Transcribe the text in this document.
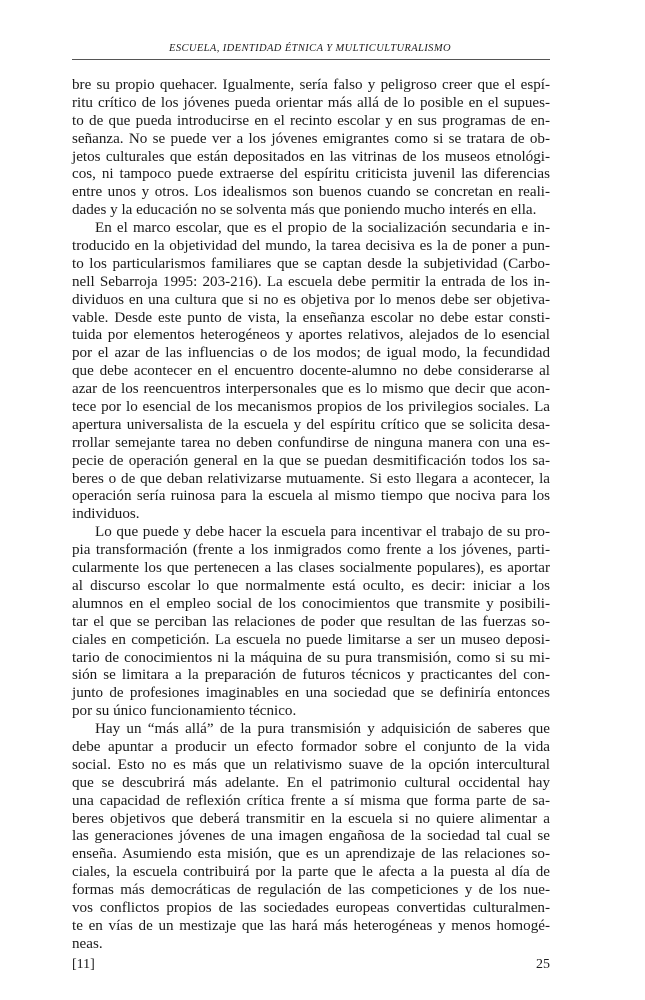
ESCUELA, IDENTIDAD ÉTNICA Y MULTICULTURALISMO
bre su propio quehacer. Igualmente, sería falso y peligroso creer que el espí-
ritu crítico de los jóvenes pueda orientar más allá de lo posible en el supues-
to de que pueda introducirse en el recinto escolar y en sus programas de en-
señanza. No se puede ver a los jóvenes emigrantes como si se tratara de ob-
jetos culturales que están depositados en las vitrinas de los museos etnológi-
cos, ni tampoco puede extraerse del espíritu criticista juvenil las diferencias
entre unos y otros. Los idealismos son buenos cuando se concretan en reali-
dades y la educación no se solventa más que poniendo mucho interés en ella.
En el marco escolar, que es el propio de la socialización secundaria e in-
troducido en la objetividad del mundo, la tarea decisiva es la de poner a pun-
to los particularismos familiares que se captan desde la subjetividad (Carbo-
nell Sebarroja 1995: 203-216). La escuela debe permitir la entrada de los in-
dividuos en una cultura que si no es objetiva por lo menos debe ser objetiva-
vable. Desde este punto de vista, la enseñanza escolar no debe estar consti-
tuida por elementos heterogéneos y aportes relativos, alejados de lo esencial
por el azar de las influencias o de los modos; de igual modo, la fecundidad
que debe acontecer en el encuentro docente-alumno no debe considerarse al
azar de los reencuentros interpersonales que es lo mismo que decir que acon-
tece por lo esencial de los mecanismos propios de los privilegios sociales. La
apertura universalista de la escuela y del espíritu crítico que se solicita desa-
rrollar semejante tarea no deben confundirse de ninguna manera con una es-
pecie de operación general en la que se puedan desmitificación todos los sa-
beres o de que deban relativizarse mutuamente. Si esto llegara a acontecer, la
operación sería ruinosa para la escuela al mismo tiempo que nociva para los
individuos.
Lo que puede y debe hacer la escuela para incentivar el trabajo de su pro-
pia transformación (frente a los inmigrados como frente a los jóvenes, parti-
cularmente los que pertenecen a las clases socialmente populares), es aportar
al discurso escolar lo que normalmente está oculto, es decir: iniciar a los
alumnos en el empleo social de los conocimientos que transmite y posibili-
tar el que se perciban las relaciones de poder que resultan de las fuerzas so-
ciales en competición. La escuela no puede limitarse a ser un museo deposi-
tario de conocimientos ni la máquina de su pura transmisión, como si su mi-
sión se limitara a la preparación de futuros técnicos y practicantes del con-
junto de profesiones imaginables en una sociedad que se definiría entonces
por su único funcionamiento técnico.
Hay un “más allá” de la pura transmisión y adquisición de saberes que
debe apuntar a producir un efecto formador sobre el conjunto de la vida
social. Esto no es más que un relativismo suave de la opción intercultural
que se descubrirá más adelante. En el patrimonio cultural occidental hay
una capacidad de reflexión crítica frente a sí misma que forma parte de sa-
beres objetivos que deberá transmitir en la escuela si no quiere alimentar a
las generaciones jóvenes de una imagen engañosa de la sociedad tal cual se
enseña. Asumiendo esta misión, que es un aprendizaje de las relaciones so-
ciales, la escuela contribuirá por la parte que le afecta a la puesta al día de
formas más democráticas de regulación de las competiciones y de los nue-
vos conflictos propios de las sociedades europeas convertidas culturalmen-
te en vías de un mestizaje que las hará más heterogéneas y menos homogé-
neas.
[11]	25
